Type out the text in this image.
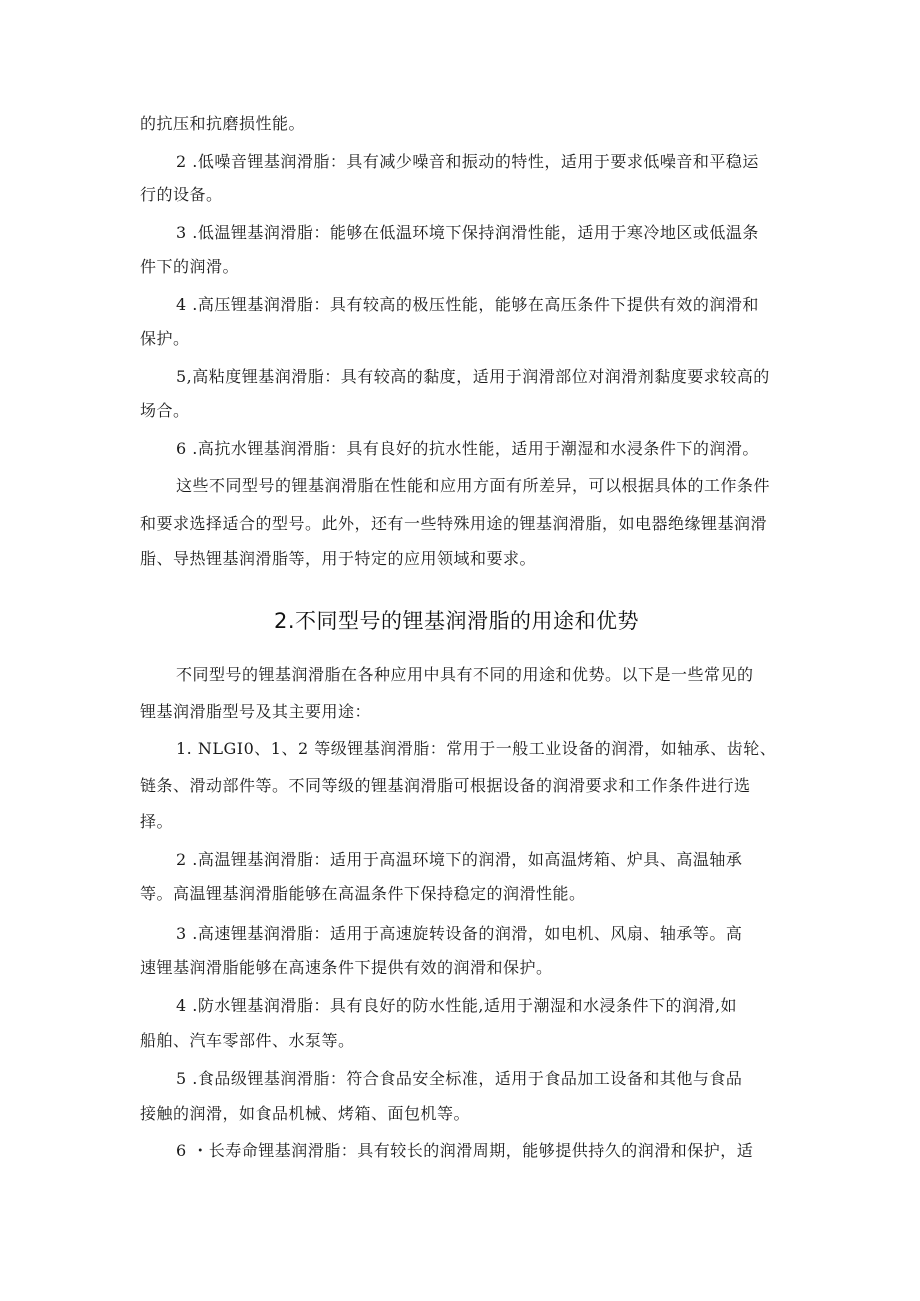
的抗压和抗磨损性能。
2 .低噪音锂基润滑脂：具有减少噪音和振动的特性，适用于要求低噪音和平稳运
行的设备。
3 .低温锂基润滑脂：能够在低温环境下保持润滑性能，适用于寒冷地区或低温条
件下的润滑。
4 .高压锂基润滑脂：具有较高的极压性能，能够在高压条件下提供有效的润滑和
保护。
5,高粘度锂基润滑脂：具有较高的黏度，适用于润滑部位对润滑剂黏度要求较高的
场合。
6 .高抗水锂基润滑脂：具有良好的抗水性能，适用于潮湿和水浸条件下的润滑。
这些不同型号的锂基润滑脂在性能和应用方面有所差异，可以根据具体的工作条件
和要求选择适合的型号。此外，还有一些特殊用途的锂基润滑脂，如电器绝缘锂基润滑
脂、导热锂基润滑脂等，用于特定的应用领域和要求。
2.不同型号的锂基润滑脂的用途和优势
不同型号的锂基润滑脂在各种应用中具有不同的用途和优势。以下是一些常见的
锂基润滑脂型号及其主要用途：
1. NLGI0、1、2 等级锂基润滑脂：常用于一般工业设备的润滑，如轴承、齿轮、
链条、滑动部件等。不同等级的锂基润滑脂可根据设备的润滑要求和工作条件进行选
择。
2 .高温锂基润滑脂：适用于高温环境下的润滑，如高温烤箱、炉具、高温轴承
等。高温锂基润滑脂能够在高温条件下保持稳定的润滑性能。
3 .高速锂基润滑脂：适用于高速旋转设备的润滑，如电机、风扇、轴承等。高
速锂基润滑脂能够在高速条件下提供有效的润滑和保护。
4 .防水锂基润滑脂：具有良好的防水性能,适用于潮湿和水浸条件下的润滑,如
船舶、汽车零部件、水泵等。
5 .食品级锂基润滑脂：符合食品安全标准，适用于食品加工设备和其他与食品
接触的润滑，如食品机械、烤箱、面包机等。
6 ・长寿命锂基润滑脂：具有较长的润滑周期，能够提供持久的润滑和保护，适
